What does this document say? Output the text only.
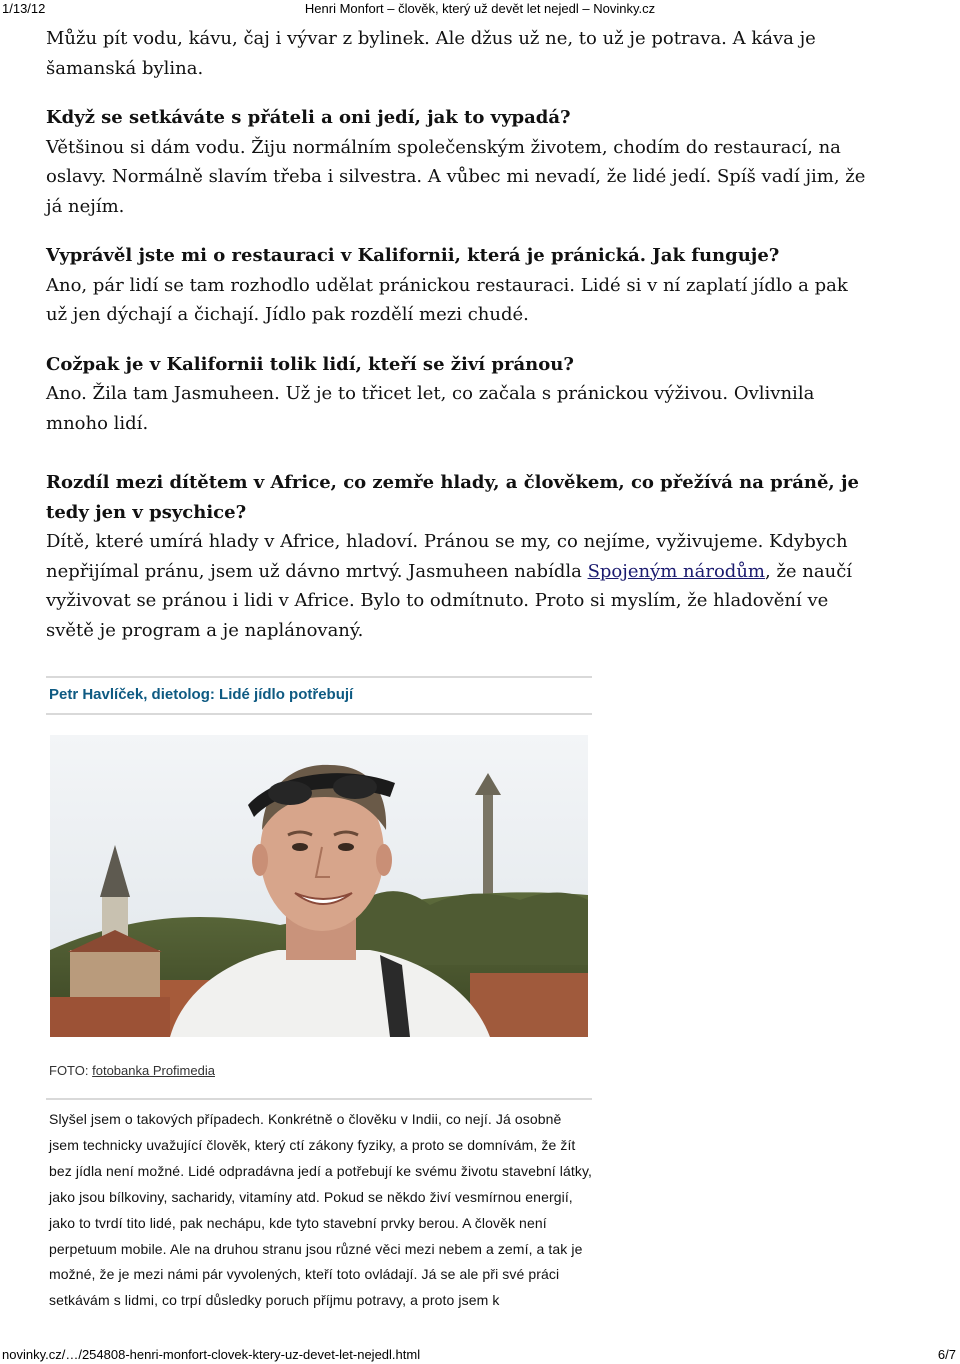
1/13/12	Henri Monfort – člověk, který už devět let nejedl – Novinky.cz

Můžu pít vodu, kávu, čaj i vývar z bylinek. Ale džus už ne, to už je potrava. A káva je šamanská bylina.

Když se setkáváte s přáteli a oni jedí, jak to vypadá?
Většinou si dám vodu. Žiju normálním společenským životem, chodím do restaurací, na oslavy. Normálně slavím třeba i silvestra. A vůbec mi nevadí, že lidé jedí. Spíš vadí jim, že já nejím.

Vyprávěl jste mi o restauraci v Kalifornii, která je pránická. Jak funguje?
Ano, pár lidí se tam rozhodlo udělat pránickou restauraci. Lidé si v ní zaplatí jídlo a pak už jen dýchají a čichají. Jídlo pak rozdělí mezi chudé.

Cožpak je v Kalifornii tolik lidí, kteří se živí pránou?
Ano. Žila tam Jasmuheen. Už je to třicet let, co začala s pránickou výživou. Ovlivnila mnoho lidí.

Rozdíl mezi dítětem v Africe, co zemře hlady, a člověkem, co přežívá na práně, je tedy jen v psychice?
Dítě, které umírá hlady v Africe, hladoví. Pránou se my, co nejíme, vyživujeme. Kdybych nepřijímal pránu, jsem už dávno mrtvý. Jasmuheen nabídla Spojeným národům, že naučí vyživovat se pránou i lidi v Africe. Bylo to odmítnuto. Proto si myslím, že hladovění ve světě je program a je naplánovaný.

Petr Havlíček, dietolog: Lidé jídlo potřebují
FOTO: fotobanka Profimedia
Slyšel jsem o takových případech. Konkrétně o člověku v Indii, co nejí. Já osobně jsem technicky uvažující člověk, který ctí zákony fyziky, a proto se domnívám, že žít bez jídla není možné. Lidé odpradávna jedí a potřebují ke svému životu stavební látky, jako jsou bílkoviny, sacharidy, vitamíny atd. Pokud se někdo živí vesmírnou energií, jako to tvrdí tito lidé, pak nechápu, kde tyto stavební prvky berou. A člověk není perpetuum mobile. Ale na druhou stranu jsou různé věci mezi nebem a zemí, a tak je možné, že je mezi námi pár vyvolených, kteří toto ovládají. Já se ale při své práci setkávám s lidmi, co trpí důsledky poruch příjmu potravy, a proto jsem k
novinky.cz/…/254808-henri-monfort-clovek-ktery-uz-devet-let-nejedl.html	6/7
